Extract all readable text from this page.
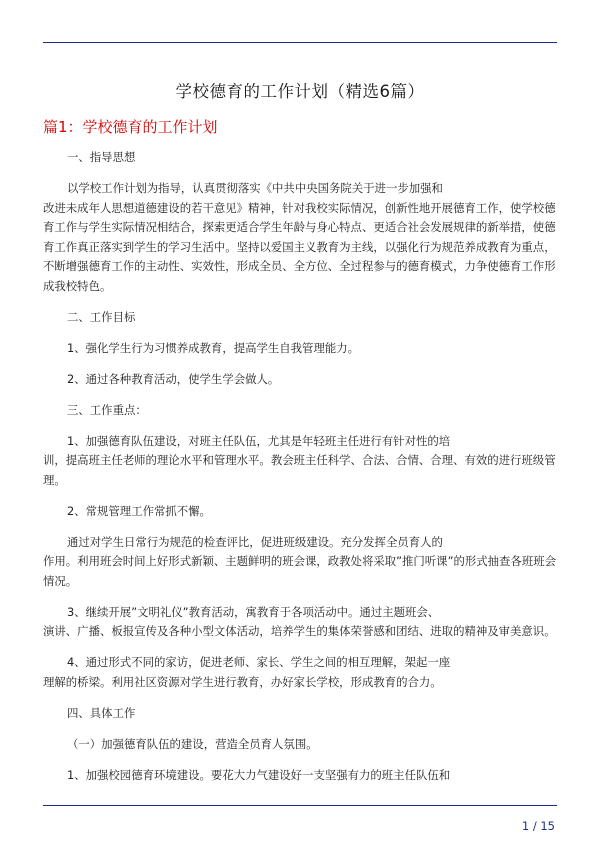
学校德育的工作计划（精选6篇）
篇1：学校德育的工作计划

一、指导思想

以学校工作计划为指导，认真贯彻落实《中共中央国务院关于进一步加强和

改进未成年人思想道德建设的若干意见》精神，针对我校实际情况，创新性地开展德育工作，使学校德育工作与学生实际情况相结合，探索更适合学生年龄与身心特点、更适合社会发展规律的新举措，使德育工作真正落实到学生的学习生活中。坚持以爱国主义教育为主线，以强化行为规范养成教育为重点，不断增强德育工作的主动性、实效性，形成全员、全方位、全过程参与的德育模式，力争使德育工作形成我校特色。

二、工作目标

1、强化学生行为习惯养成教育，提高学生自我管理能力。

2、通过各种教育活动，使学生学会做人。

三、工作重点：

1、加强德育队伍建设，对班主任队伍，尤其是年轻班主任进行有针对性的培

训，提高班主任老师的理论水平和管理水平。教会班主任科学、合法、合情、合理、有效的进行班级管理。

2、常规管理工作常抓不懈。

通过对学生日常行为规范的检查评比，促进班级建设。充分发挥全员育人的

作用。利用班会时间上好形式新颖、主题鲜明的班会课，政教处将采取”推门听课”的形式抽查各班班会情况。

3、继续开展”文明礼仪”教育活动，寓教育于各项活动中。通过主题班会、

演讲、广播、板报宣传及各种小型文体活动，培养学生的集体荣誉感和团结、进取的精神及审美意识。

4、通过形式不同的家访，促进老师、家长、学生之间的相互理解，架起一座

理解的桥梁。利用社区资源对学生进行教育，办好家长学校，形成教育的合力。

四、具体工作

（一）加强德育队伍的建设，营造全员育人氛围。

1、加强校园德育环境建设。要花大力气建设好一支坚强有力的班主任队伍和

1 / 15
